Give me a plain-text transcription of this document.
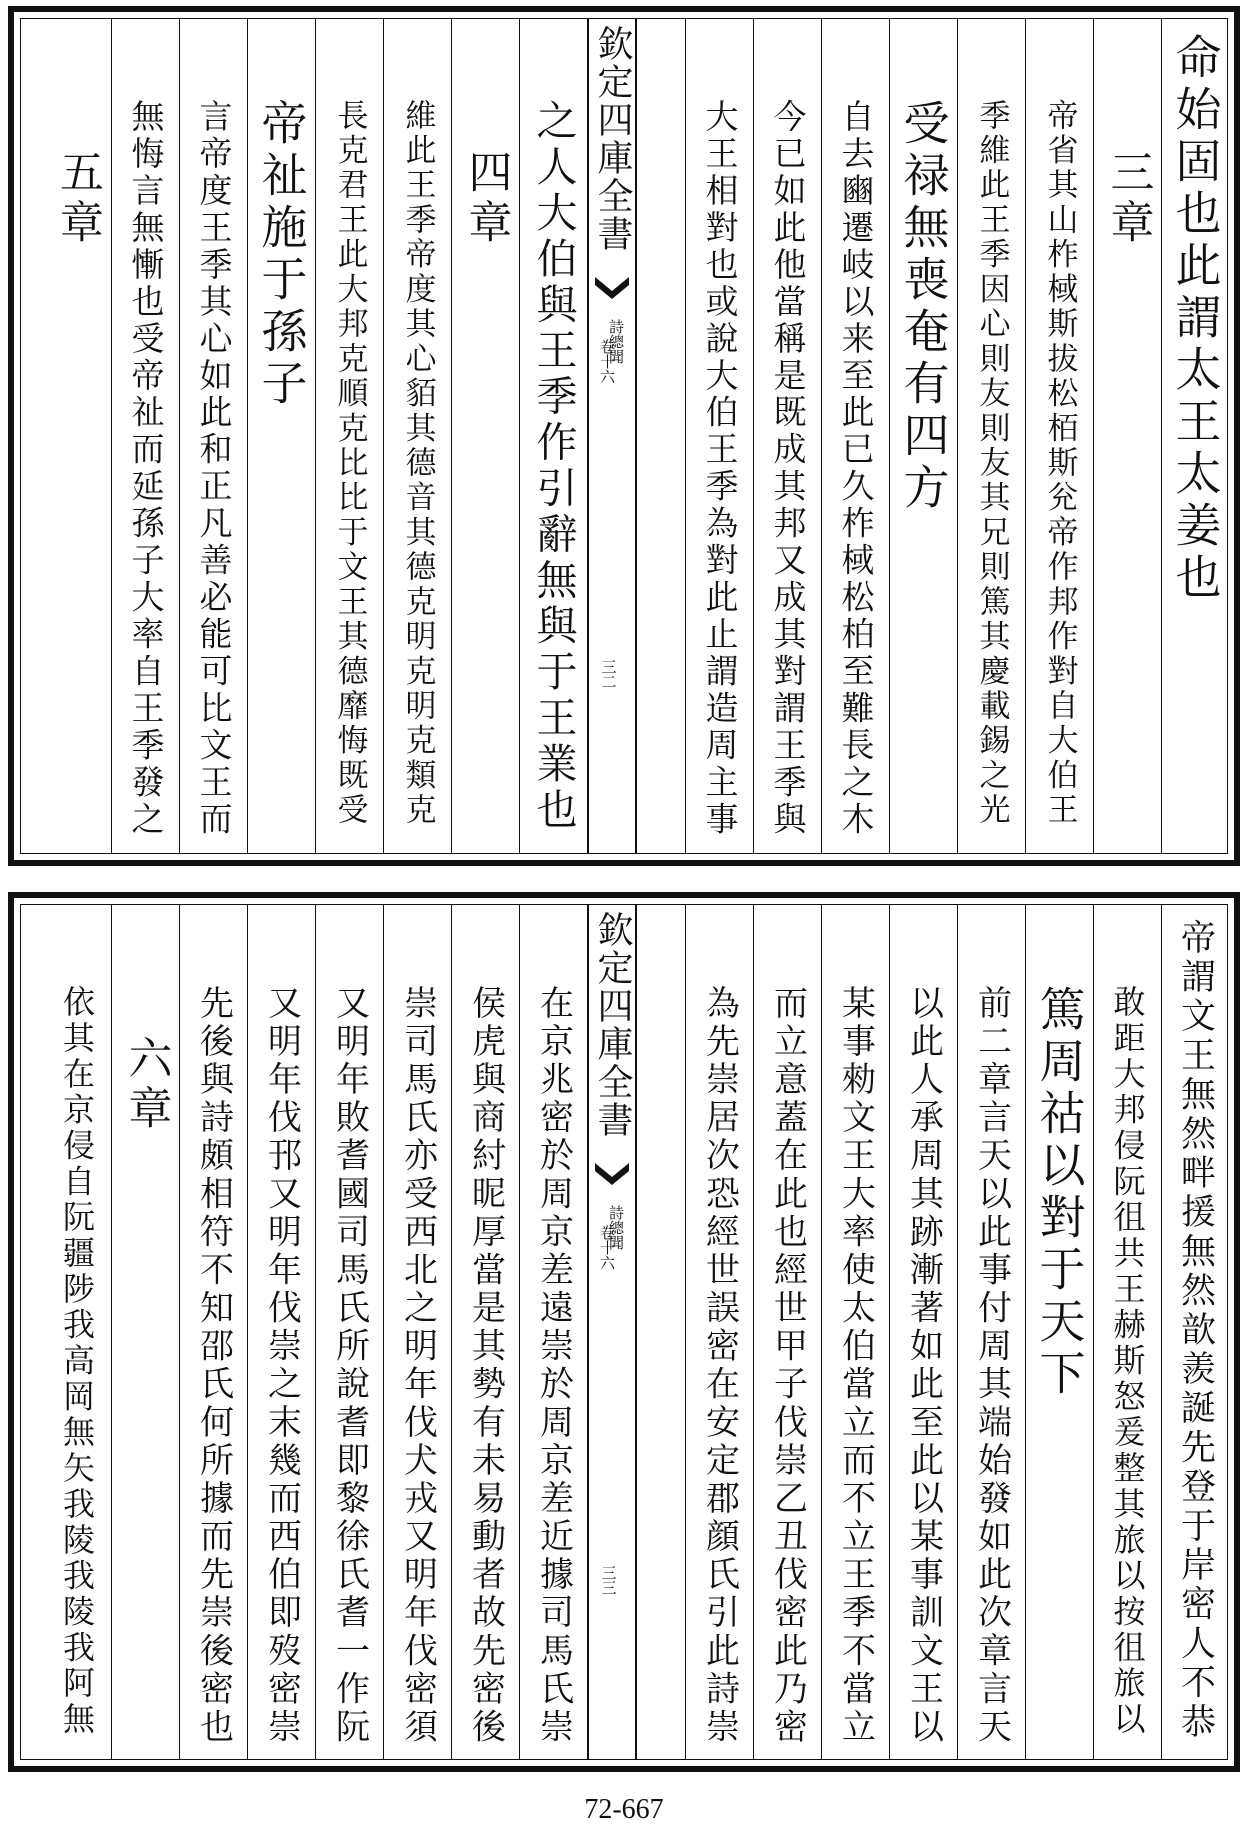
命始固也此謂太王太姜也
三章
帝省其山柞棫斯拔松栢斯兊帝作邦作對自大伯王
季維此王季因心則友則友其兄則篤其慶載錫之光
受禄無喪奄有四方
自去豳遷岐以来至此已久柞棫松柏至難長之木
今已如此他當稱是既成其邦又成其對謂王季與
大王相對也或說大伯王季為對此止謂造周主事
之人大伯與王季作引辭無與于王業也
四章
維此王季帝度其心貊其德音其德克明克明克類克
長克君王此大邦克順克比比于文王其德靡悔既受
帝祉施于孫子
言帝度王季其心如此和正凡善必能可比文王而
無悔言無慚也受帝祉而延孫子大率自王季發之
五章	欽定四庫全書
詩總聞
卷十六
三二
帝謂文王無然畔援無然歆羨誕先登于岸密人不恭
敢距大邦侵阮徂共王赫斯怒爰整其旅以按徂旅以
篤周祜以對于天下
前二章言天以此事付周其端始發如此次章言天
以此人承周其跡漸著如此至此以某事訓文王以
某事勑文王大率使太伯當立而不立王季不當立
而立意蓋在此也經世甲子伐崇乙丑伐密此乃密
為先崇居次恐經世誤密在安定郡顔氏引此詩崇
在京兆密於周京差遠崇於周京差近據司馬氏崇
侯虎與商紂昵厚當是其勢有未易動者故先密後
崇司馬氏亦受西北之明年伐犬戎又明年伐密須
又明年敗耆國司馬氏所說耆即黎徐氏耆一作阮
又明年伐邘又明年伐崇之末幾而西伯即歿密崇
先後與詩頗相符不知邵氏何所據而先崇後密也
六章
依其在京侵自阮疆陟我高岡無矢我陵我陵我阿無	欽定四庫全書
詩總聞
卷十六
三三
72-667
